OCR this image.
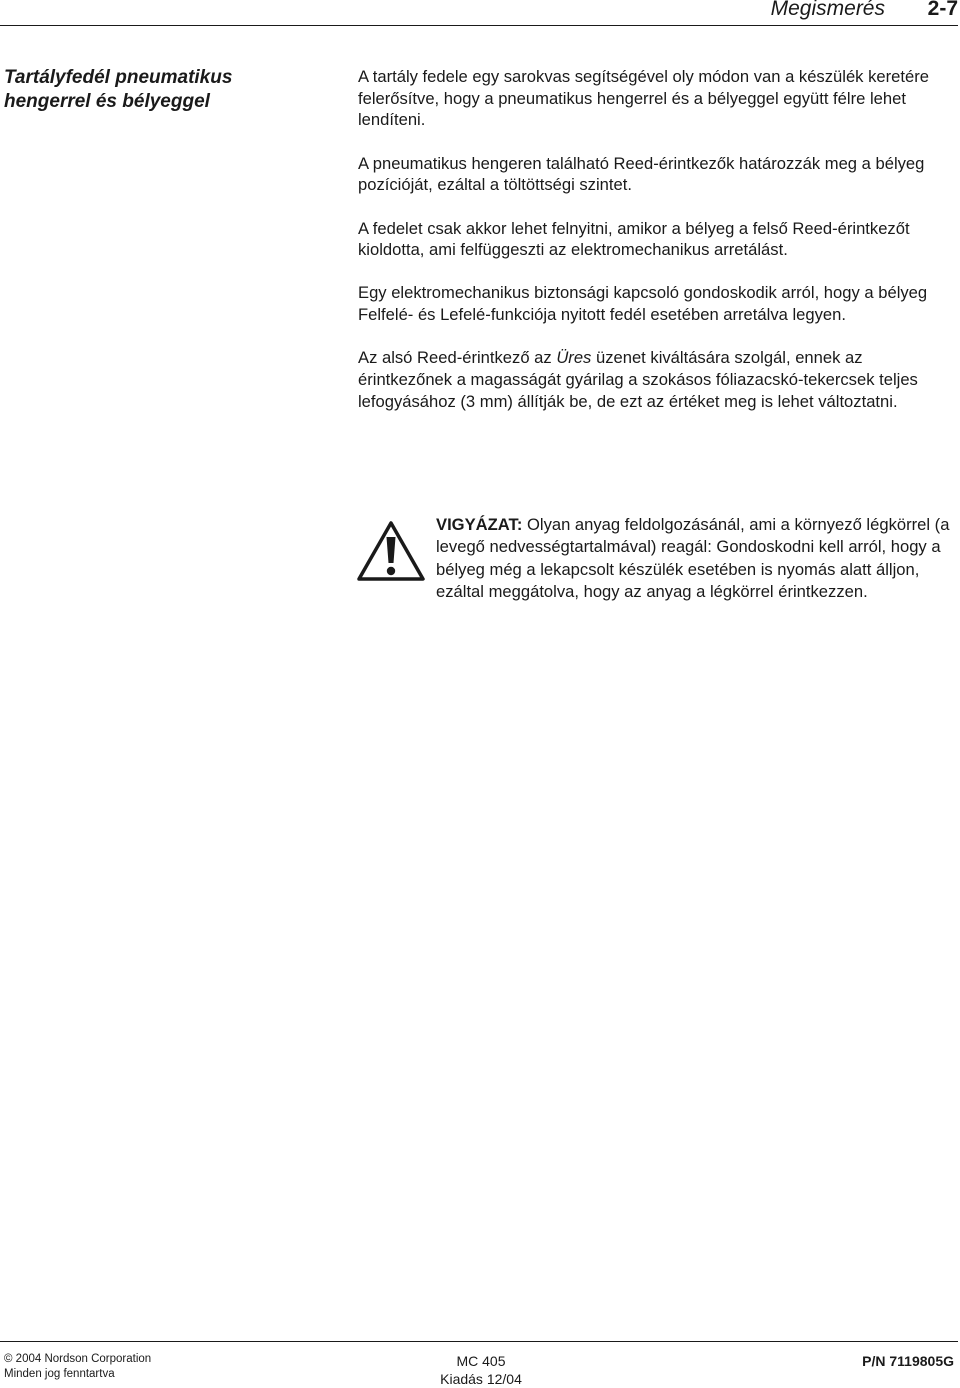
Megismerés 2-7
Tartályfedél pneumatikus
hengerrel és bélyeggel

A tartály fedele egy sarokvas segítségével oly módon van a készülék keretére felerősítve, hogy a pneumatikus hengerrel és a bélyeggel együtt félre lehet lendíteni.

A pneumatikus hengeren található Reed-érintkezők határozzák meg a bélyeg pozícióját, ezáltal a töltöttségi szintet.

A fedelet csak akkor lehet felnyitni, amikor a bélyeg a felső Reed-érintkezőt kioldotta, ami felfüggeszti az elektromechanikus arretálást.

Egy elektromechanikus biztonsági kapcsoló gondoskodik arról, hogy a bélyeg Felfelé- és Lefelé-funkciója nyitott fedél esetében arretálva legyen.

Az alsó Reed-érintkező az Üres üzenet kiváltására szolgál, ennek az érintkezőnek a magasságát gyárilag a szokásos fóliazacskó-tekercsek teljes lefogyásához (3 mm) állítják be, de ezt az értéket meg is lehet változtatni.

VIGYÁZAT: Olyan anyag feldolgozásánál, ami a környező légkörrel (a levegő nedvességtartalmával) reagál: Gondoskodni kell arról, hogy a bélyeg még a lekapcsolt készülék esetében is nyomás alatt álljon, ezáltal meggátolva, hogy az anyag a légkörrel érintkezzen.
© 2004 Nordson Corporation
Minden jog fenntartva
MC 405
Kiadás 12/04
P/N 7119805G
